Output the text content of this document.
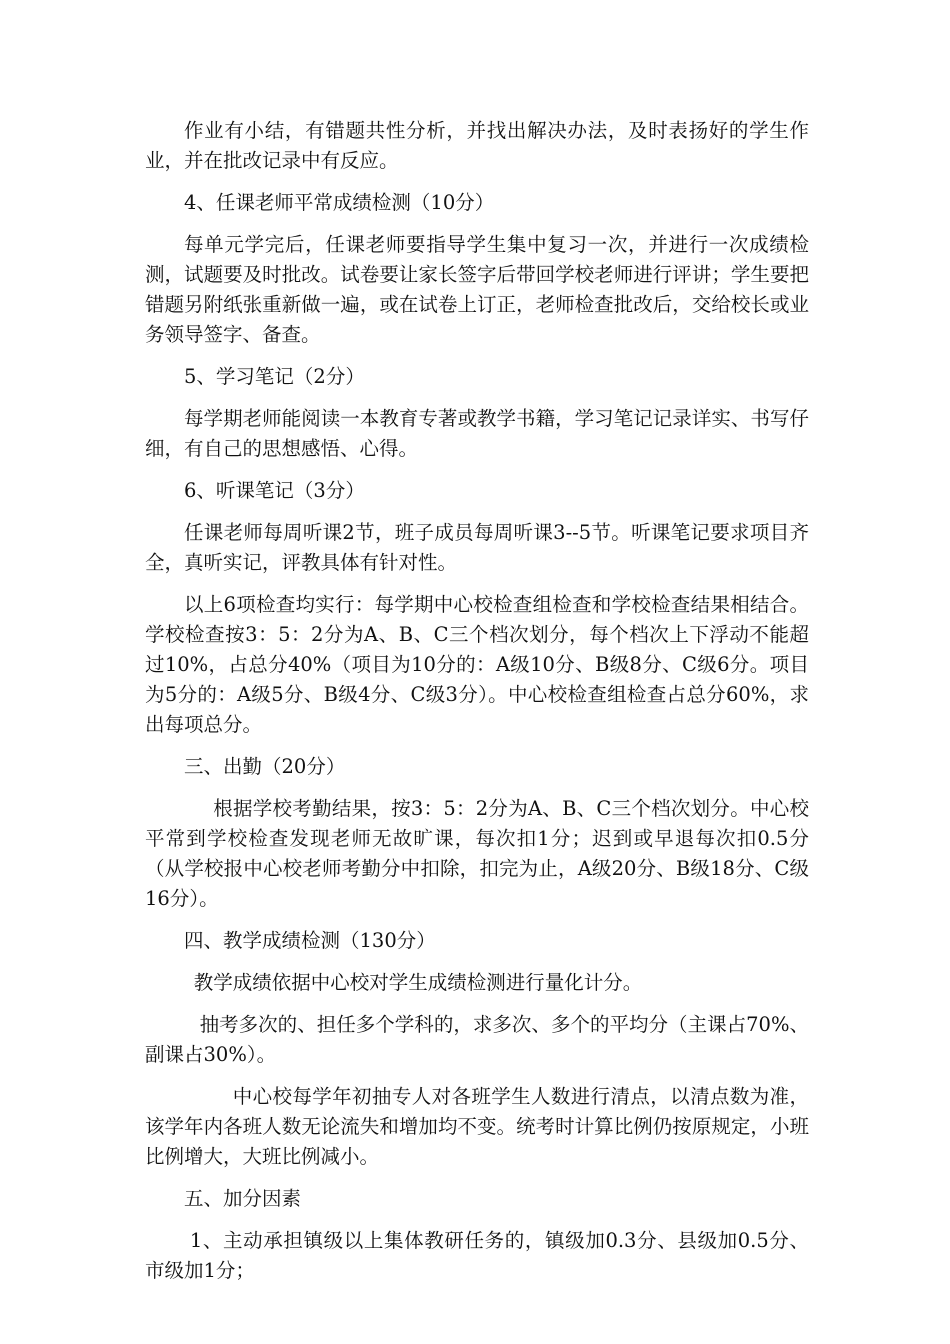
作业有小结，有错题共性分析，并找出解决办法，及时表扬好的学生作业，并在批改记录中有反应。

4、任课老师平常成绩检测（10分）

每单元学完后，任课老师要指导学生集中复习一次，并进行一次成绩检测，试题要及时批改。试卷要让家长签字后带回学校老师进行评讲；学生要把错题另附纸张重新做一遍，或在试卷上订正，老师检查批改后，交给校长或业务领导签字、备查。

5、学习笔记（2分）

每学期老师能阅读一本教育专著或教学书籍，学习笔记记录详实、书写仔细，有自己的思想感悟、心得。

6、听课笔记（3分）

任课老师每周听课2节，班子成员每周听课3--5节。听课笔记要求项目齐全，真听实记，评教具体有针对性。

以上6项检查均实行：每学期中心校检查组检查和学校检查结果相结合。学校检查按3：5：2分为A、B、C三个档次划分，每个档次上下浮动不能超过10%，占总分40%（项目为10分的：A级10分、B级8分、C级6分。项目为5分的：A级5分、B级4分、C级3分）。中心校检查组检查占总分60%，求出每项总分。

三、出勤（20分）

根据学校考勤结果，按3：5：2分为A、B、C三个档次划分。中心校平常到学校检查发现老师无故旷课，每次扣1分；迟到或早退每次扣0.5分（从学校报中心校老师考勤分中扣除，扣完为止，A级20分、B级18分、C级16分）。

四、教学成绩检测（130分）

教学成绩依据中心校对学生成绩检测进行量化计分。

抽考多次的、担任多个学科的，求多次、多个的平均分（主课占70%、副课占30%）。

中心校每学年初抽专人对各班学生人数进行清点，以清点数为准，该学年内各班人数无论流失和增加均不变。统考时计算比例仍按原规定，小班比例增大，大班比例减小。

五、加分因素

1、主动承担镇级以上集体教研任务的，镇级加0.3分、县级加0.5分、市级加1分；
